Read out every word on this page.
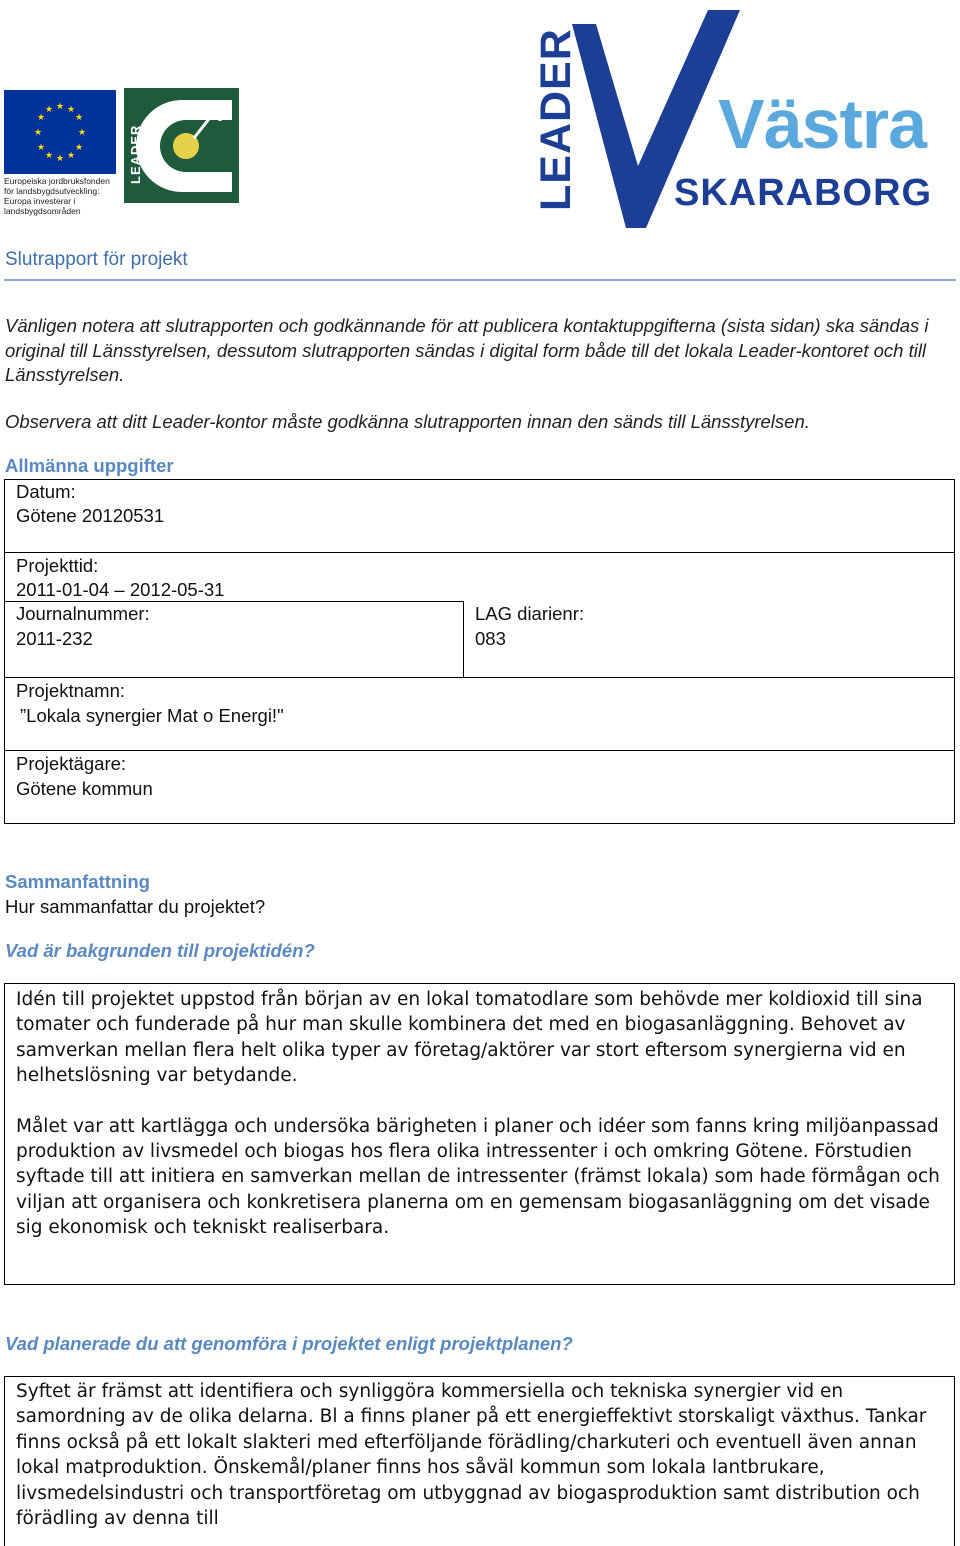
★ ★
★
★
★
★
★
★
★
★
★
★
Europeiska jordbruksfonden för landsbygdsutveckling: Europa investerar i landsbygdsområden	LEADER Västra
SKARABORG
Slutrapport för projekt
Vänligen notera att slutrapporten och godkännande för att publicera kontaktuppgifterna (sista sidan) ska sändas i original till Länsstyrelsen, dessutom slutrapporten sändas i digital form både till det lokala Leader-kontoret och till Länsstyrelsen.
Observera att ditt Leader-kontor måste godkänna slutrapporten innan den sänds till Länsstyrelsen.
Allmänna uppgifter
Datum:
Götene 20120531
Projekttid:
2011-01-04 – 2012-05-31
Journalnummer:
2011-232
LAG diarienr:
083
Projektnamn:
”Lokala synergier Mat o Energi!"
Projektägare:
Götene kommun
Sammanfattning
Hur sammanfattar du projektet?
Vad är bakgrunden till projektidén?

Idén till projektet uppstod från början av en lokal tomatodlare som behövde mer koldioxid till sina tomater och funderade på hur man skulle kombinera det med en biogasanläggning. Behovet av samverkan mellan flera helt olika typer av företag/aktörer var stort eftersom synergierna vid en helhetslösning var betydande.

Målet var att kartlägga och undersöka bärigheten i planer och idéer som fanns kring miljöanpassad produktion av livsmedel och biogas hos flera olika intressenter i och omkring Götene. Förstudien syftade till att initiera en samverkan mellan de intressenter (främst lokala) som hade förmågan och viljan att organisera och konkretisera planerna om en gemensam biogasanläggning om det visade sig ekonomisk och tekniskt realiserbara.

Vad planerade du att genomföra i projektet enligt projektplanen?

Syftet är främst att identifiera och synliggöra kommersiella och tekniska synergier vid en samordning av de olika delarna. Bl a finns planer på ett energieffektivt storskaligt växthus. Tankar finns också på ett lokalt slakteri med efterföljande förädling/charkuteri och eventuell även annan lokal matproduktion. Önskemål/planer finns hos såväl kommun som lokala lantbrukare, livsmedelsindustri och transportföretag om utbyggnad av biogasproduktion samt distribution och förädling av denna till
